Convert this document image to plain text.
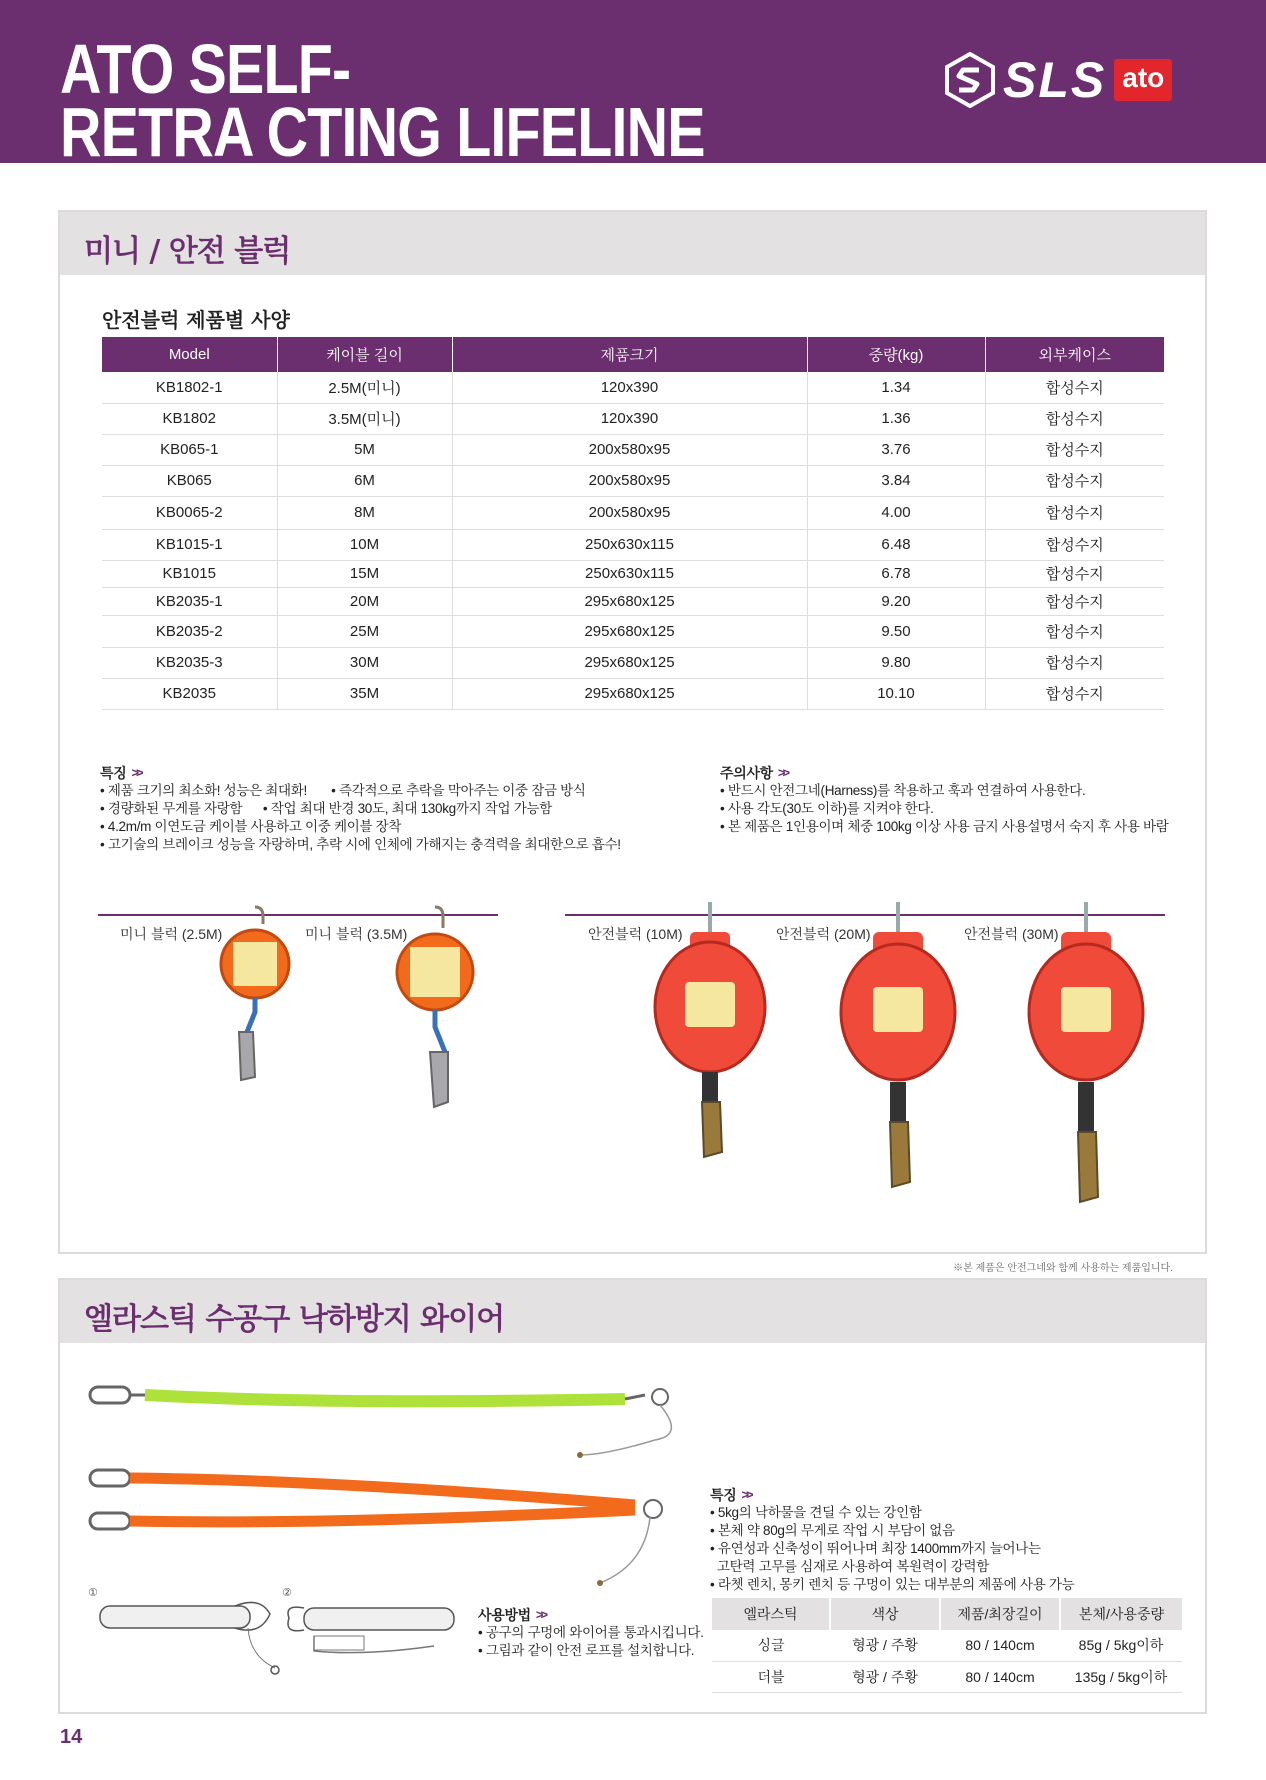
ATO SELF-
RETRA CTING LIFELINE
SLS ato
미니 / 안전 블럭
안전블럭 제품별 사양
Model	케이블 길이	제품크기	중량(kg)	외부케이스
KB1802-1	2.5M(미니)	120x390	1.34	합성수지
KB1802	3.5M(미니)	120x390	1.36	합성수지
KB065-1	5M	200x580x95	3.76	합성수지
KB065	6M	200x580x95	3.84	합성수지
KB0065-2	8M	200x580x95	4.00	합성수지
KB1015-1	10M	250x630x115	6.48	합성수지
KB1015	15M	250x630x115	6.78	합성수지
KB2035-1	20M	295x680x125	9.20	합성수지
KB2035-2	25M	295x680x125	9.50	합성수지
KB2035-3	30M	295x680x125	9.80	합성수지
KB2035	35M	295x680x125	10.10	합성수지
특징 >>
• 제품 크기의 최소화! 성능은 최대화!       • 즉각적으로 추락을 막아주는 이중 잠금 방식
• 경량화된 무게를 자랑함      • 작업 최대 반경 30도, 최대 130kg까지 작업 가능함
• 4.2m/m 이연도금 케이블 사용하고 이중 케이블 장착
• 고기술의 브레이크 성능을 자랑하며, 추락 시에 인체에 가해지는 충격력을 최대한으로 흡수!
주의사항 >>
• 반드시 안전그네(Harness)를 착용하고 훅과 연결하여 사용한다.
• 사용 각도(30도 이하)를 지켜야 한다.
• 본 제품은 1인용이며 체중 100kg 이상 사용 금지 사용설명서 숙지 후 사용 바람
미니 블럭 (2.5M)	미니 블럭 (3.5M)	안전블럭 (10M)	안전블럭 (20M)	안전블럭 (30M)
※본 제품은 안전그네와 함께 사용하는 제품입니다.
엘라스틱 수공구 낙하방지 와이어
①	②
사용방법 >>
• 공구의 구멍에 와이어를 통과시킵니다.
• 그림과 같이 안전 로프를 설치합니다.
특징 >>
• 5kg의 낙하물을 견딜 수 있는 강인함
• 본체 약 80g의 무게로 작업 시 부담이 없음
• 유연성과 신축성이 뛰어나며 최장 1400mm까지 늘어나는
고탄력 고무를 심재로 사용하여 복원력이 강력함
• 라쳇 렌치, 몽키 렌치 등 구멍이 있는 대부분의 제품에 사용 가능
엘라스틱	색상	제품/최장길이	본체/사용중량
싱글	형광 / 주황	80 / 140cm	85g / 5kg이하
더블	형광 / 주황	80 / 140cm	135g / 5kg이하
14
